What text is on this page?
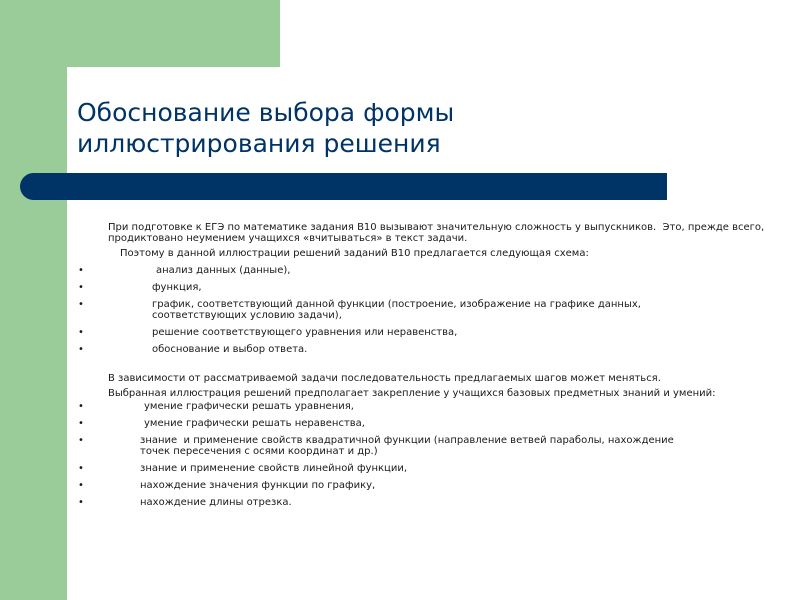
Обоснование выбора формы иллюстрирования решения

При подготовке к ЕГЭ по математике задания В10 вызывают значительную сложность у выпускников.  Это, прежде всего, продиктовано неумением учащихся «вчитываться» в текст задачи.

Поэтому в данной иллюстрации решений заданий В10 предлагается следующая схема:

• анализ данных (данные),

• функция,

• график, соответствующий данной функции (построение, изображение на графике данных,
соответствующих условию задачи),

• решение соответствующего уравнения или неравенства,

• обоснование и выбор ответа.

В зависимости от рассматриваемой задачи последовательность предлагаемых шагов может меняться.

Выбранная иллюстрация решений предполагает закрепление у учащихся базовых предметных знаний и умений:

• умение графически решать уравнения,

• умение графически решать неравенства,

• знание  и применение свойств квадратичной функции (направление ветвей параболы, нахождение
точек пересечения с осями координат и др.)

• знание и применение свойств линейной функции,

• нахождение значения функции по графику,

• нахождение длины отрезка.
